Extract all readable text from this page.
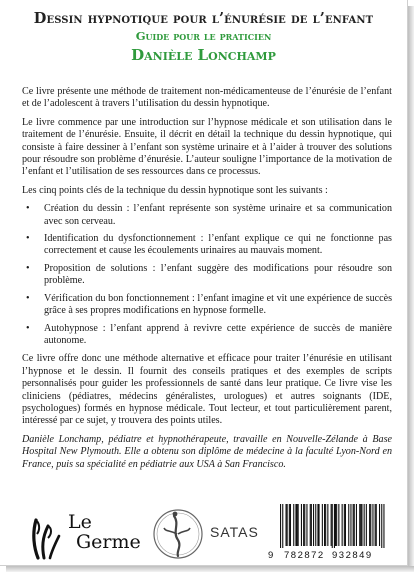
Dessin hypnotique pour l’énurésie de l’enfant
Guide pour le praticien
Danièle Lonchamp

Ce livre présente une méthode de traitement non-médicamenteuse de l’énurésie de l’enfant et de l’adolescent à travers l’utilisation du dessin hypnotique.

Le livre commence par une introduction sur l’hypnose médicale et son utilisation dans le traitement de l’énurésie. Ensuite, il décrit en détail la technique du dessin hypnotique, qui consiste à faire dessiner à l’enfant son système urinaire et à l’aider à trouver des solutions pour résoudre son problème d’énurésie. L’auteur souligne l’importance de la motivation de l’enfant et l’utilisation de ses ressources dans ce processus.

Les cinq points clés de la technique du dessin hypnotique sont les suivants :

• Création du dessin : l’enfant représente son système urinaire et sa communication avec son cerveau.
• Identification du dysfonctionnement : l’enfant explique ce qui ne fonctionne pas correctement et cause les écoulements urinaires au mauvais moment.
• Proposition de solutions : l’enfant suggère des modifications pour résoudre son problème.
• Vérification du bon fonctionnement : l’enfant imagine et vit une expérience de succès grâce à ses propres modifications en hypnose formelle.
• Autohypnose : l’enfant apprend à revivre cette expérience de succès de manière autonome.

Ce livre offre donc une méthode alternative et efficace pour traiter l’énurésie en utilisant l’hypnose et le dessin. Il fournit des conseils pratiques et des exemples de scripts personnalisés pour guider les professionnels de santé dans leur pratique. Ce livre vise les cliniciens (pédiatres, médecins généralistes, urologues) et autres soignants (IDE, psychologues) formés en hypnose médicale. Tout lecteur, et tout particulièrement parent, intéressé par ce sujet, y trouvera des points utiles.

Danièle Lonchamp, pédiatre et hypnothérapeute, travaille en Nouvelle-Zélande à Base Hospital New Plymouth. Elle a obtenu son diplôme de médecine à la faculté Lyon-Nord en France, puis sa spécialité en pédiatrie aux USA à San Francisco.

Le
Germe	SATAS
9 782872 932849
